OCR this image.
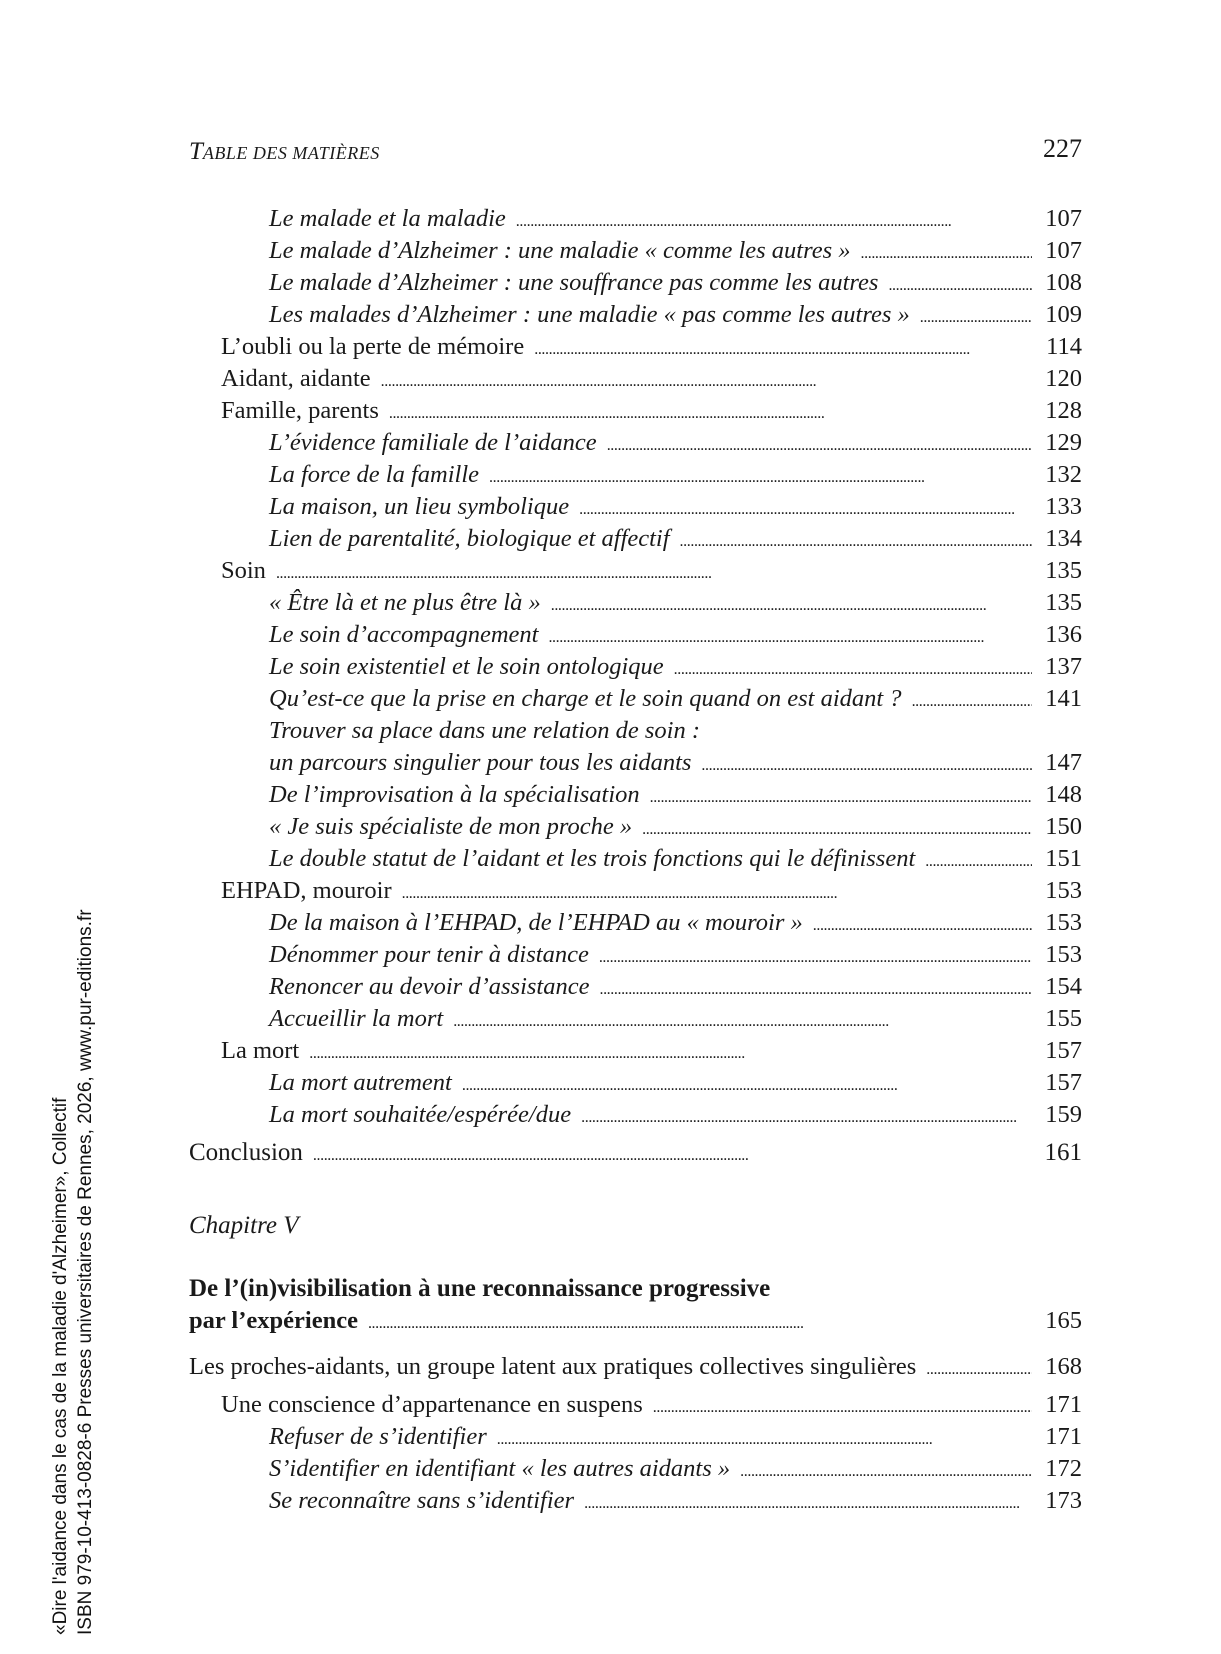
TABLE DES MATIÈRES	227
Le malade et la maladie . . .	107
Le malade d’Alzheimer : une maladie « comme les autres » . . .	107
Le malade d’Alzheimer : une souffrance pas comme les autres . . .	108
Les malades d’Alzheimer : une maladie « pas comme les autres » . . .	109
L’oubli ou la perte de mémoire . . .	114
Aidant, aidante . . .	120
Famille, parents . . .	128
L’évidence familiale de l’aidance . . .	129
La force de la famille . . .	132
La maison, un lieu symbolique . . .	133
Lien de parentalité, biologique et affectif . . .	134
Soin . . .	135
« Être là et ne plus être là » . . .	135
Le soin d’accompagnement . . .	136
Le soin existentiel et le soin ontologique . . .	137
Qu’est-ce que la prise en charge et le soin quand on est aidant ? . . .	141
Trouver sa place dans une relation de soin :
un parcours singulier pour tous les aidants . . .	147
De l’improvisation à la spécialisation . . .	148
« Je suis spécialiste de mon proche » . . .	150
Le double statut de l’aidant et les trois fonctions qui le définissent . . .	151
EHPAD, mouroir . . .	153
De la maison à l’EHPAD, de l’EHPAD au « mouroir » . . .	153
Dénommer pour tenir à distance . . .	153
Renoncer au devoir d’assistance . . .	154
Accueillir la mort . . .	155
La mort . . .	157
La mort autrement . . .	157
La mort souhaitée/espérée/due . . .	159
Conclusion . . .	161
Chapitre V
De l’(in)visibilisation à une reconnaissance progressive
par l’expérience . . .	165
Les proches-aidants, un groupe latent aux pratiques collectives singulières . . .	168
Une conscience d’appartenance en suspens . . .	171
Refuser de s’identifier . . .	171
S’identifier en identifiant « les autres aidants » . . .	172
Se reconnaître sans s’identifier . . .	173
«Dire l'aidance dans le cas de la maladie d'Alzheimer», Collectif ISBN 979-10-413-0828-6 Presses universitaires de Rennes, 2026, www.pur-editions.fr
